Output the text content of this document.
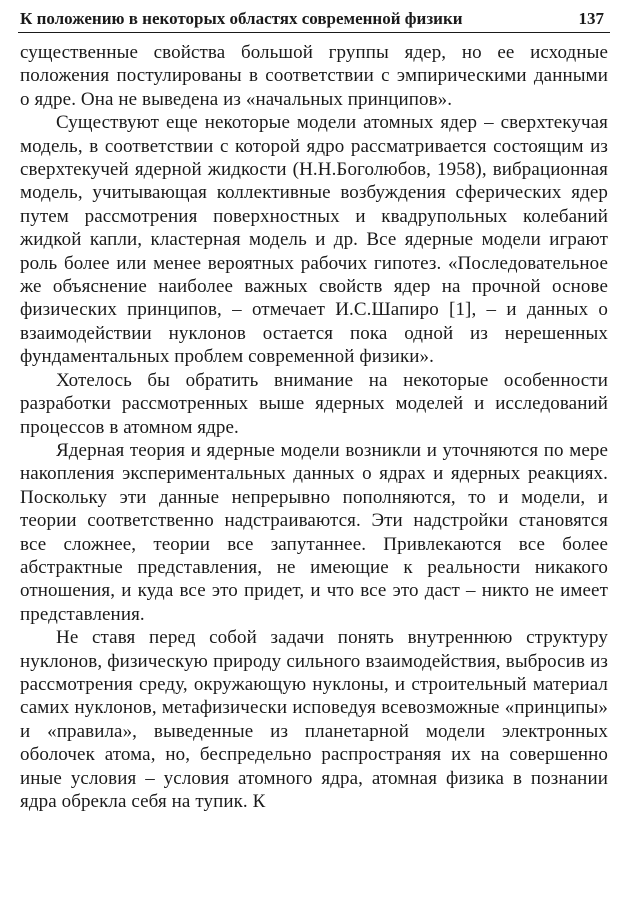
К положению в некоторых областях современной физики	137

существенные свойства большой группы ядер, но ее исходные положения постулированы в соответствии с эмпирическими данными о ядре. Она не выведена из «начальных принципов».

Существуют еще некоторые модели атомных ядер – сверхтекучая модель, в соответствии с которой ядро рассматривается состоящим из сверхтекучей ядерной жидкости (Н.Н.Боголюбов, 1958), вибрационная модель, учитывающая коллективные возбуждения сферических ядер путем рассмотрения поверхностных и квадрупольных колебаний жидкой капли, кластерная модель и др. Все ядерные модели играют роль более или менее вероятных рабочих гипотез. «Последовательное же объяснение наиболее важных свойств ядер на прочной основе физических принципов, – отмечает И.С.Шапиро [1], – и данных о взаимодействии нуклонов остается пока одной из нерешенных фундаментальных проблем современной физики».

Хотелось бы обратить внимание на некоторые особенности разработки рассмотренных выше ядерных моделей и исследований процессов в атомном ядре.

Ядерная теория и ядерные модели возникли и уточняются по мере накопления экспериментальных данных о ядрах и ядерных реакциях. Поскольку эти данные непрерывно пополняются, то и модели, и теории соответственно надстраиваются. Эти надстройки становятся все сложнее, теории все запутаннее. Привлекаются все более абстрактные представления, не имеющие к реальности никакого отношения, и куда все это придет, и что все это даст – никто не имеет представления.

Не ставя перед собой задачи понять внутреннюю структуру нуклонов, физическую природу сильного взаимодействия, выбросив из рассмотрения среду, окружающую нуклоны, и строительный материал самих нуклонов, метафизически исповедуя всевозможные «принципы» и «правила», выведенные из планетарной модели электронных оболочек атома, но, беспредельно распространяя их на совершенно иные условия – условия атомного ядра, атомная физика в познании ядра обрекла себя на тупик. К
